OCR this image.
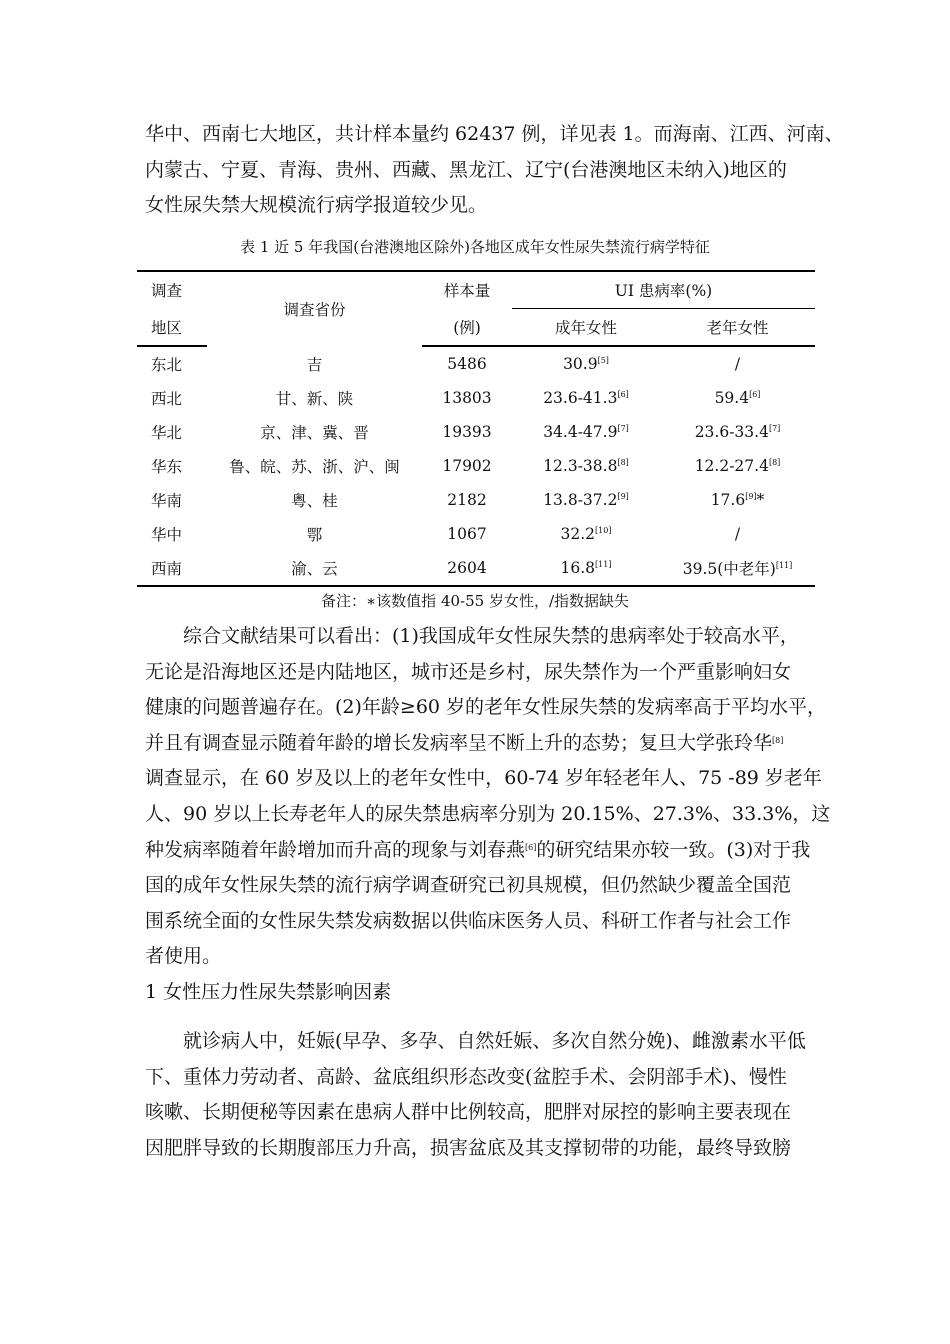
华中、西南七大地区，共计样本量约 62437 例，详见表 1。而海南、江西、河南、
内蒙古、宁夏、青海、贵州、西藏、黑龙江、辽宁(台港澳地区未纳入)地区的
女性尿失禁大规模流行病学报道较少见。
表 1 近 5 年我国(台港澳地区除外)各地区成年女性尿失禁流行病学特征
调查	调查省份	样本量	UI 患病率(%)	
地区		(例)	成年女性	老年女性
东北	吉	5486	30.9[5]	/
西北	甘、新、陕	13803	23.6-41.3[6]	59.4[6]
华北	京、津、冀、晋	19393	34.4-47.9[7]	23.6-33.4[7]
华东	鲁、皖、苏、浙、沪、闽	17902	12.3-38.8[8]	12.2-27.4[8]
华南	粤、桂	2182	13.8-37.2[9]	17.6[9]*
华中	鄂	1067	32.2[10]	/
西南	渝、云	2604	16.8[11]	39.5(中老年)[11]
备注：∗该数值指 40-55 岁女性，/指数据缺失
综合文献结果可以看出：(1)我国成年女性尿失禁的患病率处于较高水平，
无论是沿海地区还是内陆地区，城市还是乡村，尿失禁作为一个严重影响妇女
健康的问题普遍存在。(2)年龄≥60 岁的老年女性尿失禁的发病率高于平均水平，
并且有调查显示随着年龄的增长发病率呈不断上升的态势；复旦大学张玲华[8]
调查显示，在 60 岁及以上的老年女性中，60-74 岁年轻老年人、75 -89 岁老年
人、90 岁以上长寿老年人的尿失禁患病率分别为 20.15%、27.3%、33.3%，这
种发病率随着年龄增加而升高的现象与刘春燕[6]的研究结果亦较一致。(3)对于我
国的成年女性尿失禁的流行病学调查研究已初具规模，但仍然缺少覆盖全国范
围系统全面的女性尿失禁发病数据以供临床医务人员、科研工作者与社会工作
者使用。
1 女性压力性尿失禁影响因素
就诊病人中，妊娠(早孕、多孕、自然妊娠、多次自然分娩)、雌激素水平低
下、重体力劳动者、高龄、盆底组织形态改变(盆腔手术、会阴部手术)、慢性
咳嗽、长期便秘等因素在患病人群中比例较高，肥胖对尿控的影响主要表现在
因肥胖导致的长期腹部压力升高，损害盆底及其支撑韧带的功能，最终导致膀
